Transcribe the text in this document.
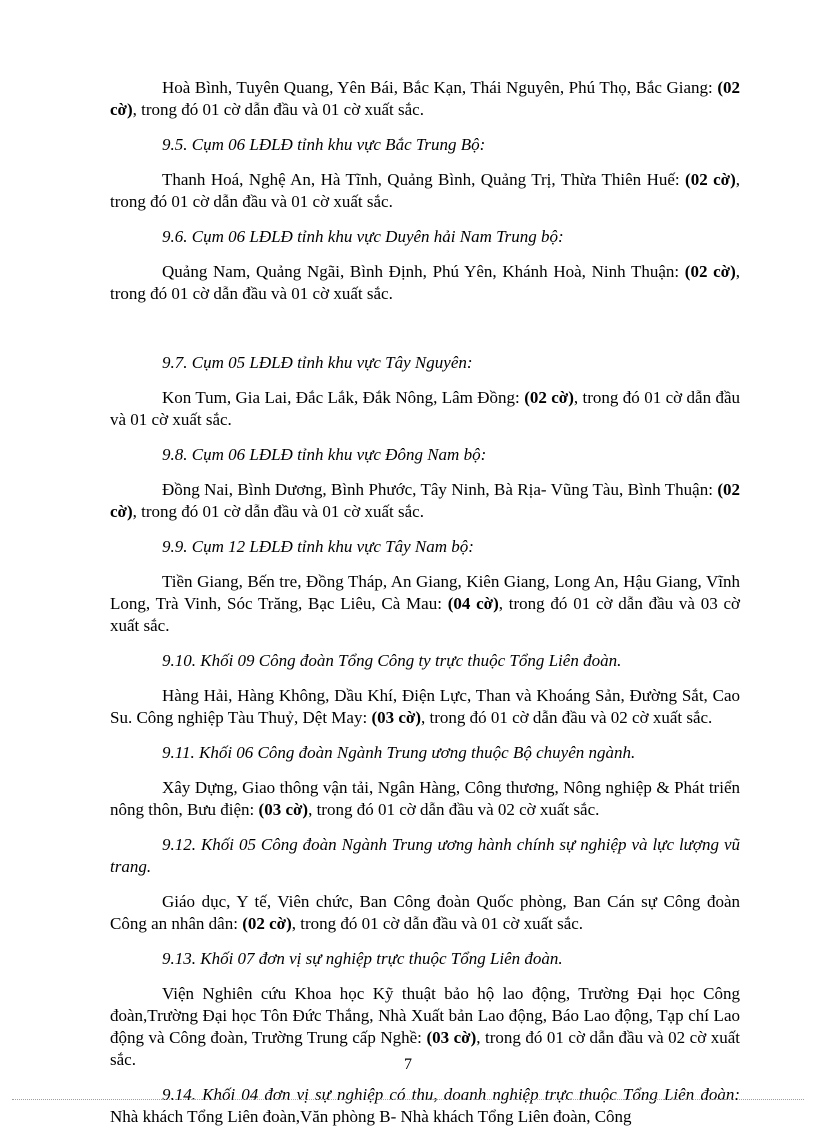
Hoà Bình, Tuyên Quang, Yên Bái, Bắc Kạn, Thái Nguyên, Phú Thọ, Bắc Giang: (02 cờ), trong đó 01 cờ dẫn đầu và 01 cờ xuất sắc.

9.5. Cụm 06 LĐLĐ tỉnh khu vực Bắc Trung Bộ:

Thanh Hoá, Nghệ An, Hà Tĩnh, Quảng Bình, Quảng Trị, Thừa Thiên Huế: (02 cờ), trong đó 01 cờ dẫn đầu và 01 cờ xuất sắc.

9.6. Cụm 06 LĐLĐ tỉnh khu vực Duyên hải Nam Trung bộ:

Quảng Nam, Quảng Ngãi, Bình Định, Phú Yên, Khánh Hoà, Ninh Thuận: (02 cờ), trong đó 01 cờ dẫn đầu và 01 cờ xuất sắc.

9.7. Cụm 05 LĐLĐ tỉnh khu vực Tây Nguyên:

Kon Tum, Gia Lai, Đắc Lắk, Đắk Nông, Lâm Đồng: (02 cờ), trong đó 01 cờ dẫn đầu và 01 cờ xuất sắc.

9.8. Cụm 06 LĐLĐ tỉnh khu vực Đông Nam bộ:

Đồng Nai, Bình Dương, Bình Phước, Tây Ninh, Bà Rịa- Vũng Tàu, Bình Thuận: (02 cờ), trong đó 01 cờ dẫn đầu và 01 cờ xuất sắc.

9.9. Cụm 12 LĐLĐ tỉnh khu vực Tây Nam bộ:

Tiền Giang, Bến tre, Đồng Tháp, An Giang, Kiên Giang, Long An, Hậu Giang, Vĩnh Long, Trà Vinh, Sóc Trăng, Bạc Liêu, Cà Mau: (04 cờ), trong đó 01 cờ dẫn đầu và 03 cờ xuất sắc.

9.10. Khối 09 Công đoàn Tổng Công ty trực thuộc Tổng Liên đoàn.

Hàng Hải, Hàng Không, Dầu Khí, Điện Lực, Than và Khoáng Sản, Đường Sắt, Cao Su. Công nghiệp Tàu Thuỷ, Dệt May: (03 cờ), trong đó 01 cờ dẫn đầu và 02 cờ xuất sắc.

9.11. Khối 06 Công đoàn Ngành Trung ương thuộc Bộ chuyên ngành.

Xây Dựng, Giao thông vận tải, Ngân Hàng, Công thương, Nông nghiệp & Phát triển nông thôn, Bưu điện: (03 cờ), trong đó 01 cờ dẫn đầu và 02 cờ xuất sắc.

9.12. Khối 05 Công đoàn Ngành Trung ương hành chính sự nghiệp và lực lượng vũ trang.

Giáo dục, Y tế, Viên chức, Ban Công đoàn Quốc phòng, Ban Cán sự Công đoàn Công an nhân dân: (02 cờ), trong đó 01 cờ dẫn đầu và 01 cờ xuất sắc.

9.13. Khối 07 đơn vị sự nghiệp trực thuộc Tổng Liên đoàn.

Viện Nghiên cứu Khoa học Kỹ thuật bảo hộ lao động, Trường Đại học Công đoàn,Trường Đại học Tôn Đức Thắng, Nhà Xuất bản Lao động, Báo Lao động, Tạp chí Lao động và Công đoàn, Trường Trung cấp Nghề: (03 cờ), trong đó 01 cờ dẫn đầu và 02 cờ xuất sắc.

9.14. Khối 04 đơn vị sự nghiệp có thu, doanh nghiệp trực thuộc Tổng Liên đoàn: Nhà khách Tổng Liên đoàn,Văn phòng B- Nhà khách Tổng Liên đoàn, Công

7
